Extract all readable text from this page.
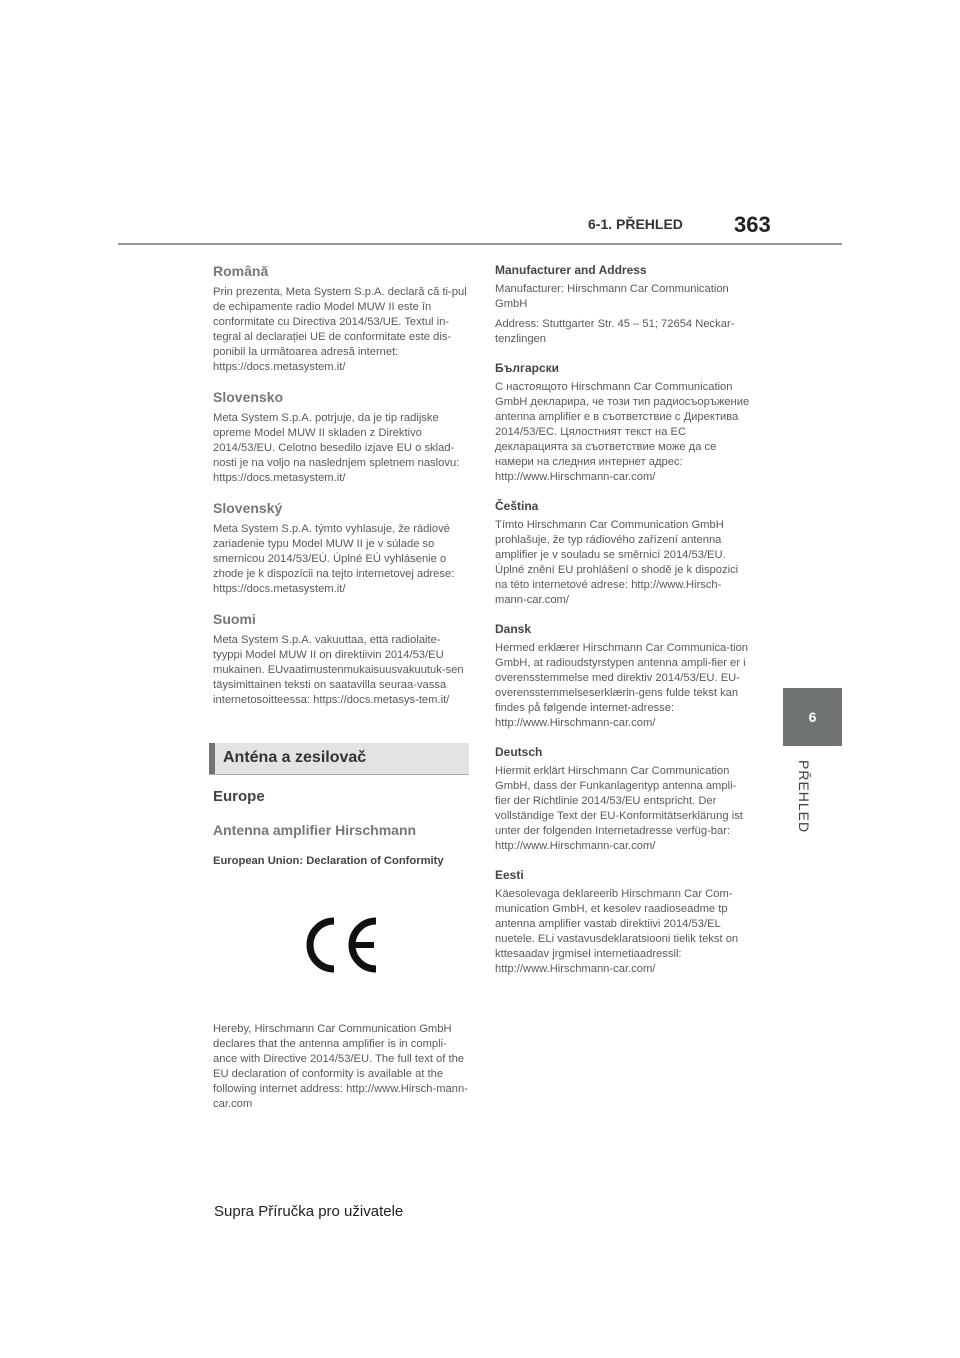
6-1. PŘEHLED 363
6
PŘEHLED
Română

Prin prezenta, Meta System S.p.A. declară că ti-pul de echipamente radio Model MUW II este în conformitate cu Directiva 2014/53/UE. Textul in-tegral al declarației UE de conformitate este dis-ponibil la următoarea adresă internet: https://docs.metasystem.it/

Slovensko

Meta System S.p.A. potrjuje, da je tip radijske opreme Model MUW II skladen z Direktivo 2014/53/EU. Celotno besedilo izjave EU o sklad-nosti je na voljo na naslednjem spletnem naslovu: https://docs.metasystem.it/

Slovenský

Meta System S.p.A. týmto vyhlasuje, že rádiové zariadenie typu Model MUW II je v súlade so smernicou 2014/53/EÚ. Úplné EÚ vyhlásenie o zhode je k dispozícii na tejto internetovej adrese: https://docs.metasystem.it/

Suomi

Meta System S.p.A. vakuuttaa, että radiolaite-tyyppi Model MUW II on direktiivin 2014/53/EU mukainen. EUvaatimustenmukaisuusvakuutuk-sen täysimittainen teksti on saatavilla seuraa-vassa internetosoitteessa: https://docs.metasys-tem.it/

Anténa a zesilovač
Europe
Antenna amplifier Hirschmann
European Union: Declaration of Conformity

Hereby, Hirschmann Car Communication GmbH declares that the antenna amplifier is in compli-ance with Directive 2014/53/EU. The full text of the EU declaration of conformity is available at the following internet address: http://www.Hirsch-mann-car.com

Manufacturer and Address

Manufacturer: Hirschmann Car Communication GmbH

Address: Stuttgarter Str. 45 – 51; 72654 Neckar-tenzlingen

Български

С настоящото Hirschmann Car Communication GmbH декларира, че този тип радиосъоръжение antenna amplifier е в съответствие с Директива 2014/53/ЕС. Цялостният текст на ЕС декларацията за съответствие може да се намери на следния интернет адрес: http://www.Hirschmann-car.com/

Čeština

Tímto Hirschmann Car Communication GmbH prohlašuje, že typ rádiového zařízení antenna amplifier je v souladu se směrnicí 2014/53/EU. Úplné znění EU prohlášení o shodě je k dispozici na této internetové adrese: http://www.Hirsch-mann-car.com/

Dansk

Hermed erklærer Hirschmann Car Communica-tion GmbH, at radioudstyrstypen antenna ampli-fier er i overensstemmelse med direktiv 2014/53/EU. EU-overensstemmelseserklærin-gens fulde tekst kan findes på følgende internet-adresse: http://www.Hirschmann-car.com/

Deutsch

Hiermit erklärt Hirschmann Car Communication GmbH, dass der Funkanlagentyp antenna ampli-fier der Richtlinie 2014/53/EU entspricht. Der vollständige Text der EU-Konformitätserklärung ist unter der folgenden Internetadresse verfüg-bar: http://www.Hirschmann-car.com/

Eesti

Käesolevaga deklareerib Hirschmann Car Com-munication GmbH, et kesolev raadioseadme tp antenna amplifier vastab direktiivi 2014/53/EL nuetele. ELi vastavusdeklaratsiooni tielik tekst on kttesaadav jrgmisel internetiaadressil: http://www.Hirschmann-car.com/

Supra Příručka pro uživatele
